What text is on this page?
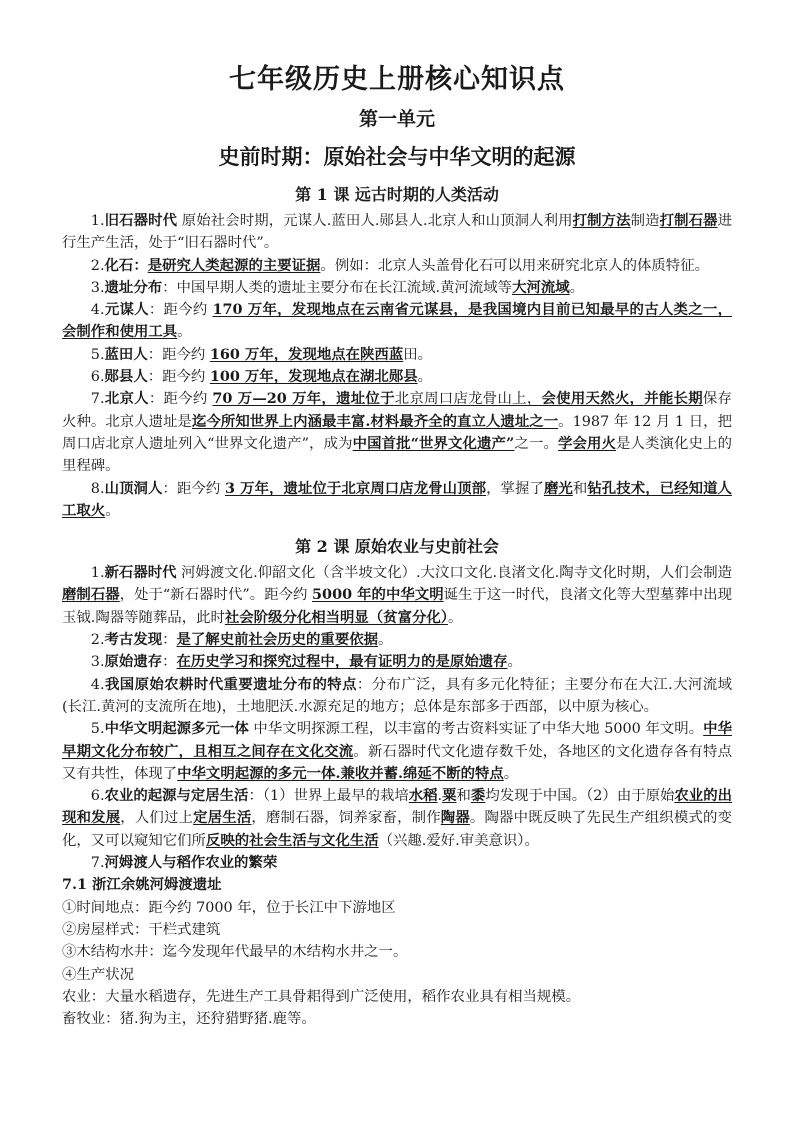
七年级历史上册核心知识点
第一单元
史前时期：原始社会与中华文明的起源
第 1 课 远古时期的人类活动

1.旧石器时代 原始社会时期，元谋人.蓝田人.郧县人.北京人和山顶洞人利用打制方法制造打制石器进行生产生活，处于“旧石器时代”。

2.化石：是研究人类起源的主要证据。例如：北京人头盖骨化石可以用来研究北京人的体质特征。

3.遗址分布：中国早期人类的遗址主要分布在长江流域.黄河流域等大河流域。

4.元谋人：距今约 170 万年，发现地点在云南省元谋县，是我国境内目前已知最早的古人类之一，会制作和使用工具。

5.蓝田人：距今约 160 万年，发现地点在陕西蓝田。

6.郧县人：距今约 100 万年，发现地点在湖北郧县。

7.北京人：距今约 70 万—20 万年，遗址位于北京周口店龙骨山上，会使用天然火，并能长期保存火种。北京人遗址是迄今所知世界上内涵最丰富.材料最齐全的直立人遗址之一。1987 年 12 月 1 日，把周口店北京人遗址列入“世界文化遗产”，成为中国首批“世界文化遗产”之一。学会用火是人类演化史上的里程碑。

8.山顶洞人：距今约 3 万年，遗址位于北京周口店龙骨山顶部，掌握了磨光和钻孔技术，已经知道人工取火。

第 2 课 原始农业与史前社会

1.新石器时代 河姆渡文化.仰韶文化（含半坡文化）.大汶口文化.良渚文化.陶寺文化时期，人们会制造磨制石器，处于“新石器时代”。距今约 5000 年的中华文明诞生于这一时代，良渚文化等大型墓葬中出现玉钺.陶器等随葬品，此时社会阶级分化相当明显（贫富分化）。

2.考古发现：是了解史前社会历史的重要依据。

3.原始遗存：在历史学习和探究过程中，最有证明力的是原始遗存。

4.我国原始农耕时代重要遗址分布的特点：分布广泛，具有多元化特征；主要分布在大江.大河流域(长江.黄河的支流所在地)，土地肥沃.水源充足的地方；总体是东部多于西部，以中原为核心。

5.中华文明起源多元一体 中华文明探源工程，以丰富的考古资料实证了中华大地 5000 年文明。中华早期文化分布较广，且相互之间存在文化交流。新石器时代文化遗存数千处，各地区的文化遗存各有特点又有共性，体现了中华文明起源的多元一体.兼收并蓄.绵延不断的特点。

6.农业的起源与定居生活：（1）世界上最早的栽培水稻.粟和黍均发现于中国。（2）由于原始农业的出现和发展，人们过上定居生活，磨制石器，饲养家畜，制作陶器。陶器中既反映了先民生产组织模式的变化，又可以窥知它们所反映的社会生活与文化生活（兴趣.爱好.审美意识）。

7.河姆渡人与稻作农业的繁荣

7.1 浙江余姚河姆渡遗址

①时间地点：距今约 7000 年，位于长江中下游地区

②房屋样式：干栏式建筑

③木结构水井：迄今发现年代最早的木结构水井之一。

④生产状况

农业：大量水稻遗存，先进生产工具骨耜得到广泛使用，稻作农业具有相当规模。

畜牧业：猪.狗为主，还狩猎野猪.鹿等。
